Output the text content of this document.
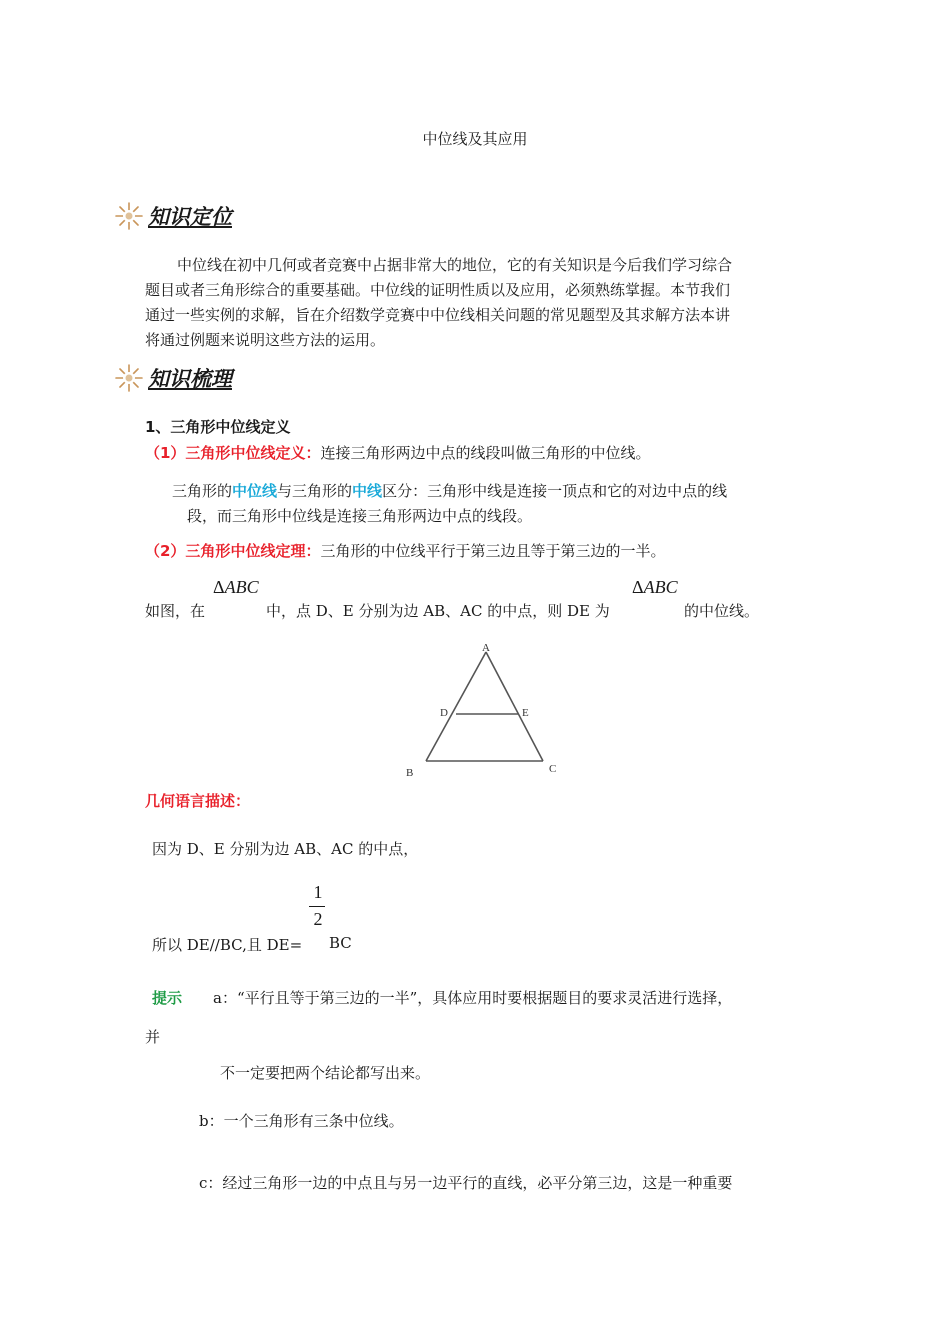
中位线及其应用
知识定位

中位线在初中几何或者竞赛中占据非常大的地位，它的有关知识是今后我们学习综合

题目或者三角形综合的重要基础。中位线的证明性质以及应用，必须熟练掌握。本节我们

通过一些实例的求解，旨在介绍数学竞赛中中位线相关问题的常见题型及其求解方法本讲

将通过例题来说明这些方法的运用。

知识梳理
1、三角形中位线定义
（1）三角形中位线定义：连接三角形两边中点的线段叫做三角形的中位线。
三角形的中位线与三角形的中线区分：三角形中线是连接一顶点和它的对边中点的线
段，而三角形中位线是连接三角形两边中点的线段。
（2）三角形中位线定理：三角形的中位线平行于第三边且等于第三边的一半。
ΔABC	ΔABC
如图，在	中，点 D、E 分别为边 AB、AC 的中点，则 DE 为	的中位线。
A
D	E
B	C
几何语言描述：
因为 D、E 分别为边 AB、AC 的中点，
1
2
所以 DE//BC,且 DE= BC
提示 a：“平行且等于第三边的一半”，具体应用时要根据题目的要求灵活进行选择，
并
不一定要把两个结论都写出来。
b：一个三角形有三条中位线。
c：经过三角形一边的中点且与另一边平行的直线，必平分第三边，这是一种重要
